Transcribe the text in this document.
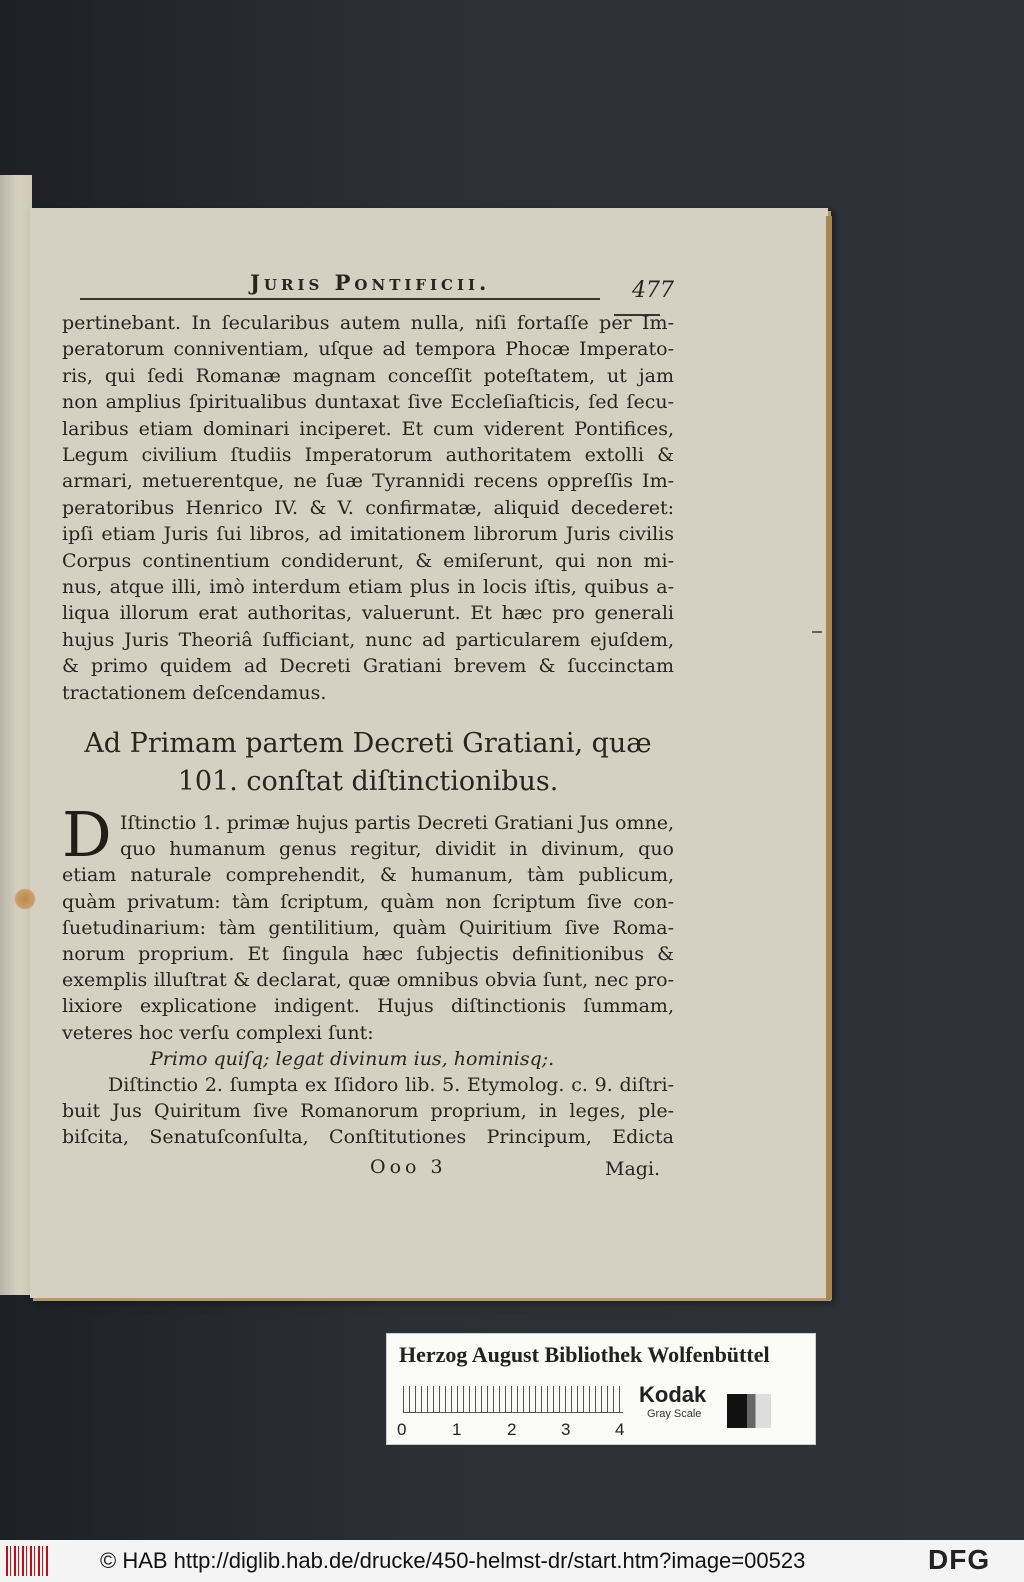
Juris Pontificii.	477
pertinebant. In ſecularibus autem nulla, niſi fortaſſe per Im-
peratorum conniventiam, uſque ad tempora Phocæ Imperato-
ris, qui ſedi Romanæ magnam conceſſit poteſtatem, ut jam
non amplius ſpiritualibus duntaxat ſive Eccleſiaſticis, ſed ſecu-
laribus etiam dominari inciperet. Et cum viderent Pontifices,
Legum civilium ſtudiis Imperatorum authoritatem extolli &
armari, metuerentque, ne ſuæ Tyrannidi recens oppreſſis Im-
peratoribus Henrico IV. & V. confirmatæ, aliquid decederet:
ipſi etiam Juris ſui libros, ad imitationem librorum Juris civilis
Corpus continentium condiderunt, & emiſerunt, qui non mi-
nus, atque illi, imò interdum etiam plus in locis iſtis, quibus a-
liqua illorum erat authoritas, valuerunt. Et hæc pro generali
hujus Juris Theoriâ ſufficiant, nunc ad particularem ejuſdem,
& primo quidem ad Decreti Gratiani brevem & ſuccinctam
tractationem deſcendamus.
Ad Primam partem Decreti Gratiani, quæ
101. conſtat diſtinctionibus.
D Iſtinctio 1. primæ hujus partis Decreti Gratiani Jus omne,
quo humanum genus regitur, dividit in divinum, quo
etiam naturale comprehendit, & humanum, tàm publicum,
quàm privatum: tàm ſcriptum, quàm non ſcriptum ſive con-
ſuetudinarium: tàm gentilitium, quàm Quiritium ſive Roma-
norum proprium. Et ſingula hæc ſubjectis definitionibus &
exemplis illuſtrat & declarat, quæ omnibus obvia ſunt, nec pro-
lixiore explicatione indigent. Hujus diſtinctionis ſummam,
veteres hoc verſu complexi ſunt:
Primo quiſq; legat divinum ius, hominisq;.
Diſtinctio 2. ſumpta ex Iſidoro lib. 5. Etymolog. c. 9. diſtri-
buit Jus Quiritum ſive Romanorum proprium, in leges, ple-
biſcita, Senatuſconſulta, Conſtitutiones Principum, Edicta
Ooo 3	Magi.
Herzog August Bibliothek Wolfenbüttel
0	1	2	3	4
Kodak
Gray Scale
© HAB http://diglib.hab.de/drucke/450-helmst-dr/start.htm?image=00523	DFG
